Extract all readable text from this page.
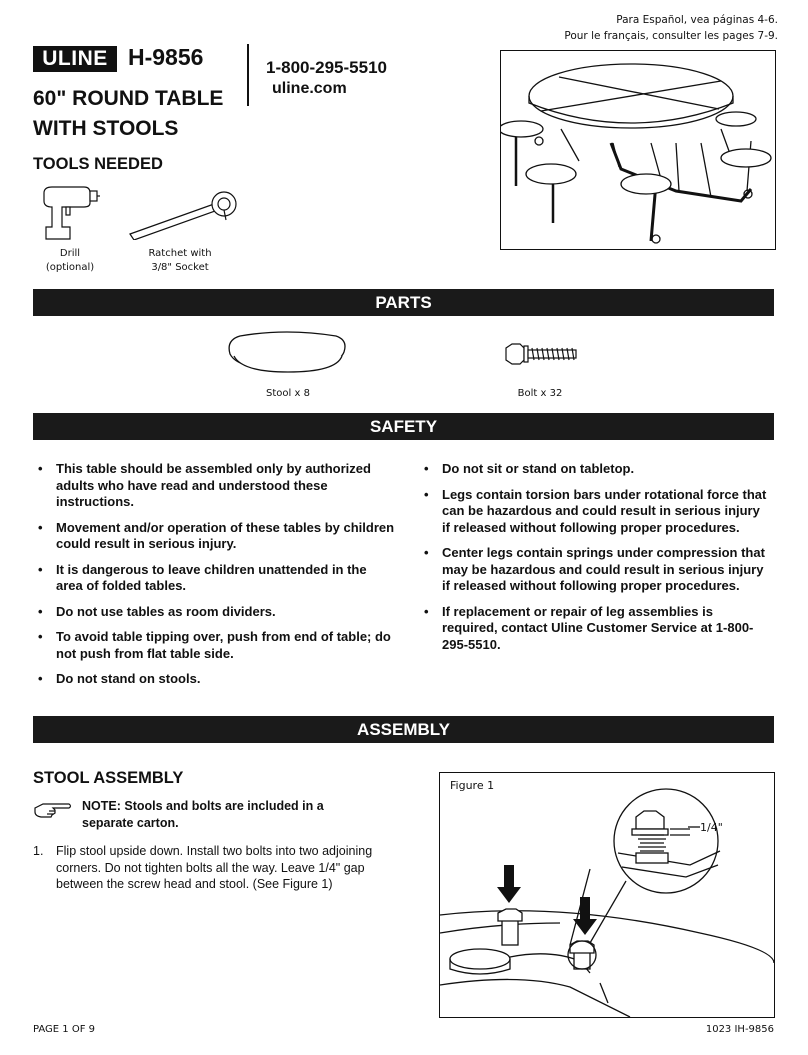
Para Español, vea páginas 4-6.
Pour le français, consulter les pages 7-9.
ULINE H-9856	1-800-295-5510
uline.com
60" ROUND TABLE
WITH STOOLS
TOOLS NEEDED
Drill
(optional)
Ratchet with
3/8" Socket
PARTS
Stool x 8	Bolt x 32
SAFETY
• This table should be assembled only by authorized adults who have read and understood these instructions.
• Movement and/or operation of these tables by children could result in serious injury.
• It is dangerous to leave children unattended in the area of folded tables.
• Do not use tables as room dividers.
• To avoid table tipping over, push from end of table; do not push from flat table side.
• Do not stand on stools.
• Do not sit or stand on tabletop.
• Legs contain torsion bars under rotational force that can be hazardous and could result in serious injury if released without following proper procedures.
• Center legs contain springs under compression that may be hazardous and could result in serious injury if released without following proper procedures.
• If replacement or repair of leg assemblies is required, contact Uline Customer Service at 1-800-295-5510.
ASSEMBLY
STOOL ASSEMBLY
NOTE: Stools and bolts are included in a separate carton.
1. Flip stool upside down. Install two bolts into two adjoining corners. Do not tighten bolts all the way. Leave 1/4" gap between the screw head and stool. (See Figure 1)
Figure 1
1/4"
PAGE 1 OF 9	1023 IH-9856
